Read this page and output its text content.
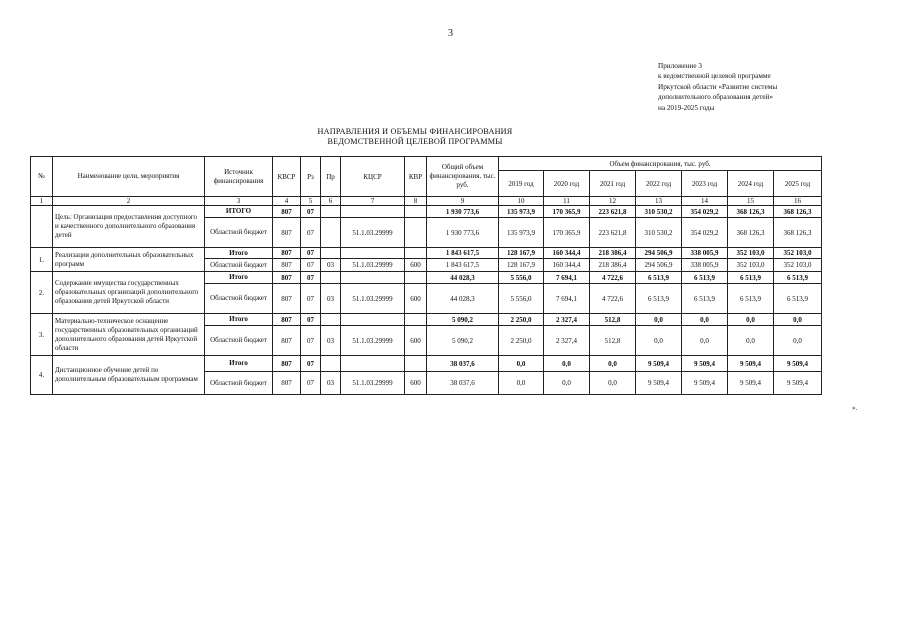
3
Приложение 3
к ведомственной целевой программе
Иркутской области «Развитие системы
дополнительного образования детей»
на 2019-2025 годы
НАПРАВЛЕНИЯ И ОБЪЕМЫ ФИНАНСИРОВАНИЯ
ВЕДОМСТВЕННОЙ ЦЕЛЕВОЙ ПРОГРАММЫ
№	Наименование цели, мероприятия	Источник финансирования	КВСР	Рз	Пр	КЦСР	КВР	Общий объем финансирования, тыс. руб.	Объем финансирования, тыс. руб.						
									2019 год	2020 год	2021 год	2022 год	2023 год	2024 год	2025 год
1	2	3	4	5	6	7	8	9	10	11	12	13	14	15	16
	Цель: Организация предоставления доступного и качественного дополнительного образования детей	ИТОГО	807	07				1 930 773,6	135 973,9	170 365,9	223 621,8	310 530,2	354 029,2	368 126,3	368 126,3
		Областной бюджет	807	07		51.1.03.29999		1 930 773,6	135 973,9	170 365,9	223 621,8	310 530,2	354 029,2	368 126,3	368 126,3
1.	Реализация дополнительных образовательных программ	Итого	807	07				1 843 617,5	128 167,9	160 344,4	218 386,4	294 506,9	338 005,9	352 103,0	352 103,0
		Областной бюджет	807	07	03	51.1.03.29999	600	1 843 617,5	128 167,9	160 344,4	218 386,4	294 506,9	338 005,9	352 103,0	352 103,0
2.	Содержание имущества государственных образовательных организаций дополнительного образования детей Иркутской области	Итого	807	07				44 028,3	5 556,0	7 694,1	4 722,6	6 513,9	6 513,9	6 513,9	6 513,9
		Областной бюджет	807	07	03	51.1.03.29999	600	44 028,3	5 556,0	7 694,1	4 722,6	6 513,9	6 513,9	6 513,9	6 513,9
3.	Материально-техническое оснащение государственных образовательных организаций дополнительного образования детей Иркутской области	Итого	807	07				5 090,2	2 250,0	2 327,4	512,8	0,0	0,0	0,0	0,0
		Областной бюджет	807	07	03	51.1.03.29999	600	5 090,2	2 250,0	2 327,4	512,8	0,0	0,0	0,0	0,0
4.	Дистанционное обучение детей по дополнительным образовательным программам	Итого	807	07				38 037,6	0,0	0,0	0,0	9 509,4	9 509,4	9 509,4	9 509,4
		Областной бюджет	807	07	03	51.1.03.29999	600	38 037,6	0,0	0,0	0,0	9 509,4	9 509,4	9 509,4	9 509,4
».
